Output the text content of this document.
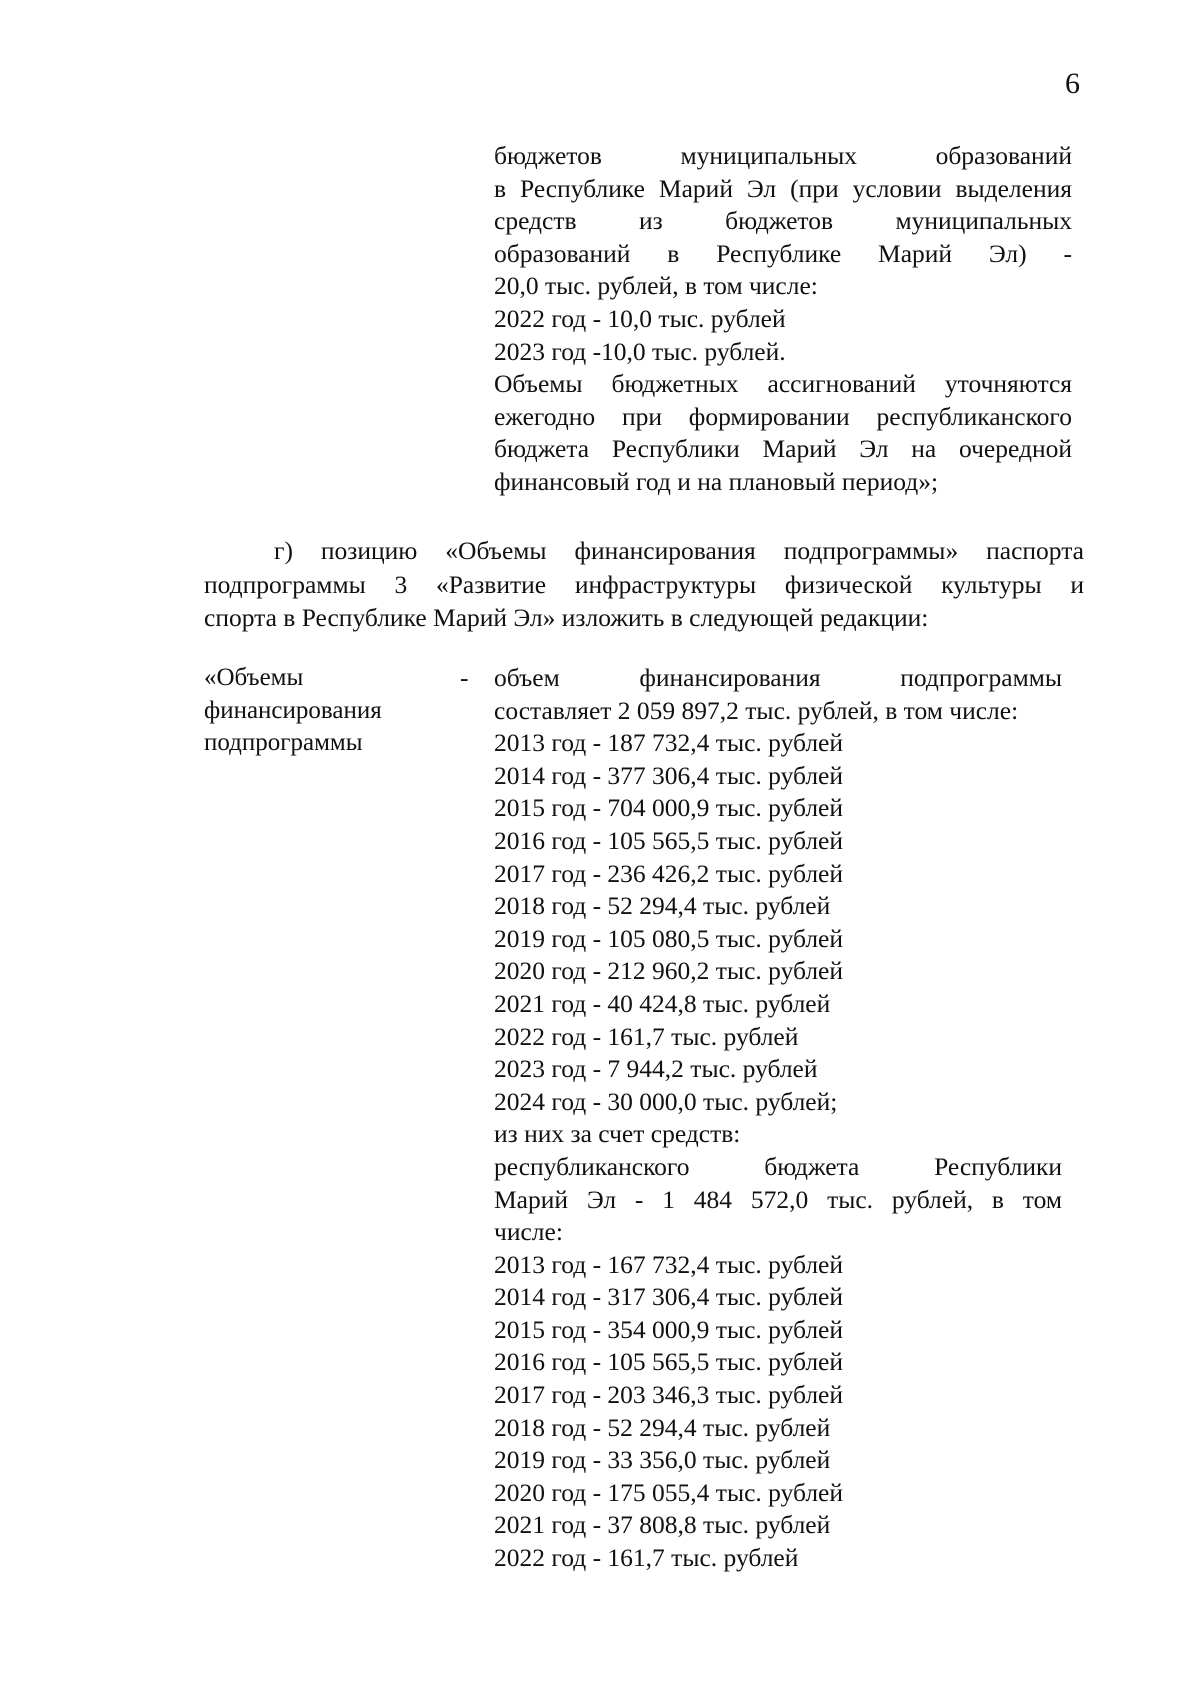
6
бюджетов муниципальных образований
в Республике Марий Эл (при условии выделения
средств из бюджетов муниципальных
образований в Республике Марий Эл) -
20,0 тыс. рублей, в том числе:
2022 год - 10,0 тыс. рублей
2023 год -10,0 тыс. рублей.
Объемы бюджетных ассигнований уточняются
ежегодно при формировании республиканского
бюджета Республики Марий Эл на очередной
финансовый год и на плановый период»;
г) позицию «Объемы финансирования подпрограммы» паспорта
подпрограммы 3 «Развитие инфраструктуры физической культуры и
спорта в Республике Марий Эл» изложить в следующей редакции:
«Объемы
финансирования
подпрограммы
- объем финансирования подпрограммы
составляет 2 059 897,2 тыс. рублей, в том числе:
2013 год - 187 732,4 тыс. рублей
2014 год - 377 306,4 тыс. рублей
2015 год - 704 000,9 тыс. рублей
2016 год - 105 565,5 тыс. рублей
2017 год - 236 426,2 тыс. рублей
2018 год - 52 294,4 тыс. рублей
2019 год - 105 080,5 тыс. рублей
2020 год - 212 960,2 тыс. рублей
2021 год - 40 424,8 тыс. рублей
2022 год - 161,7 тыс. рублей
2023 год - 7 944,2 тыс. рублей
2024 год - 30 000,0 тыс. рублей;
из них за счет средств:
республиканского бюджета Республики
Марий Эл - 1 484 572,0 тыс. рублей, в том
числе:
2013 год - 167 732,4 тыс. рублей
2014 год - 317 306,4 тыс. рублей
2015 год - 354 000,9 тыс. рублей
2016 год - 105 565,5 тыс. рублей
2017 год - 203 346,3 тыс. рублей
2018 год - 52 294,4 тыс. рублей
2019 год - 33 356,0 тыс. рублей
2020 год - 175 055,4 тыс. рублей
2021 год - 37 808,8 тыс. рублей
2022 год - 161,7 тыс. рублей
